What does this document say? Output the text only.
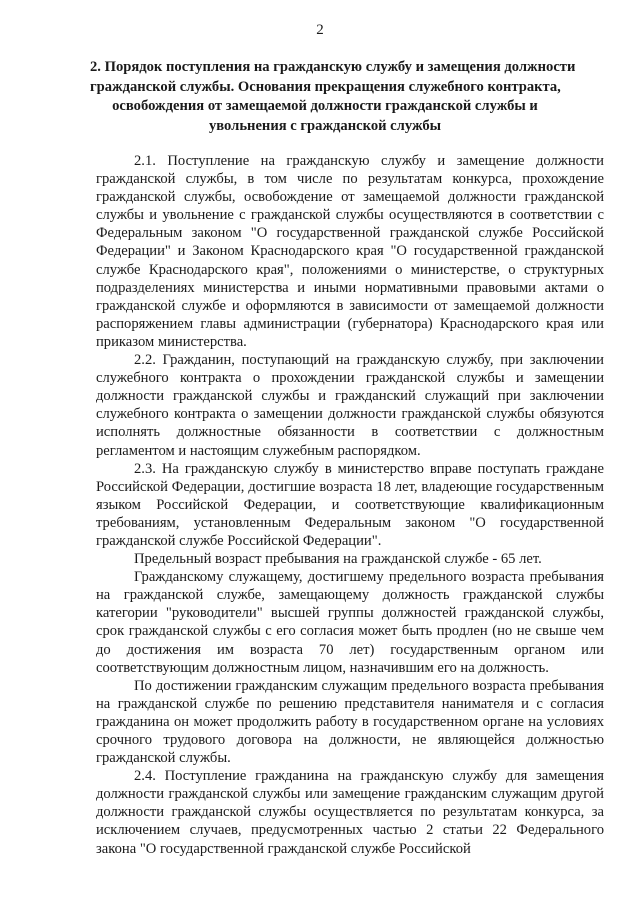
2
2. Порядок поступления на гражданскую службу и замещения должности
гражданской службы. Основания прекращения служебного контракта,
освобождения от замещаемой должности гражданской службы и
увольнения с гражданской службы

2.1. Поступление на гражданскую службу и замещение должности гражданской службы, в том числе по результатам конкурса, прохождение гражданской службы, освобождение от замещаемой должности гражданской службы и увольнение с гражданской службы осуществляются в соответствии с Федеральным законом "О государственной гражданской службе Российской Федерации" и Законом Краснодарского края "О государственной гражданской службе Краснодарского края", положениями о министерстве, о структурных подразделениях министерства и иными нормативными правовыми актами о гражданской службе и оформляются в зависимости от замещаемой должности распоряжением главы администрации (губернатора) Краснодарского края или приказом министерства.

2.2. Гражданин, поступающий на гражданскую службу, при заключении служебного контракта о прохождении гражданской службы и замещении должности гражданской службы и гражданский служащий при заключении служебного контракта о замещении должности гражданской службы обязуются исполнять должностные обязанности в соответствии с должностным регламентом и настоящим служебным распорядком.

2.3. На гражданскую службу в министерство вправе поступать граждане Российской Федерации, достигшие возраста 18 лет, владеющие государственным языком Российской Федерации, и соответствующие квалификационным требованиям, установленным Федеральным законом "О государственной гражданской службе Российской Федерации".

Предельный возраст пребывания на гражданской службе - 65 лет.

Гражданскому служащему, достигшему предельного возраста пребывания на гражданской службе, замещающему должность гражданской службы категории "руководители" высшей группы должностей гражданской службы, срок гражданской службы с его согласия может быть продлен (но не свыше чем до достижения им возраста 70 лет) государственным органом или соответствующим должностным лицом, назначившим его на должность.

По достижении гражданским служащим предельного возраста пребывания на гражданской службе по решению представителя нанимателя и с согласия гражданина он может продолжить работу в государственном органе на условиях срочного трудового договора на должности, не являющейся должностью гражданской службы.

2.4. Поступление гражданина на гражданскую службу для замещения должности гражданской службы или замещение гражданским служащим другой должности гражданской службы осуществляется по результатам конкурса, за исключением случаев, предусмотренных частью 2 статьи 22 Федерального закона "О государственной гражданской службе Российской
